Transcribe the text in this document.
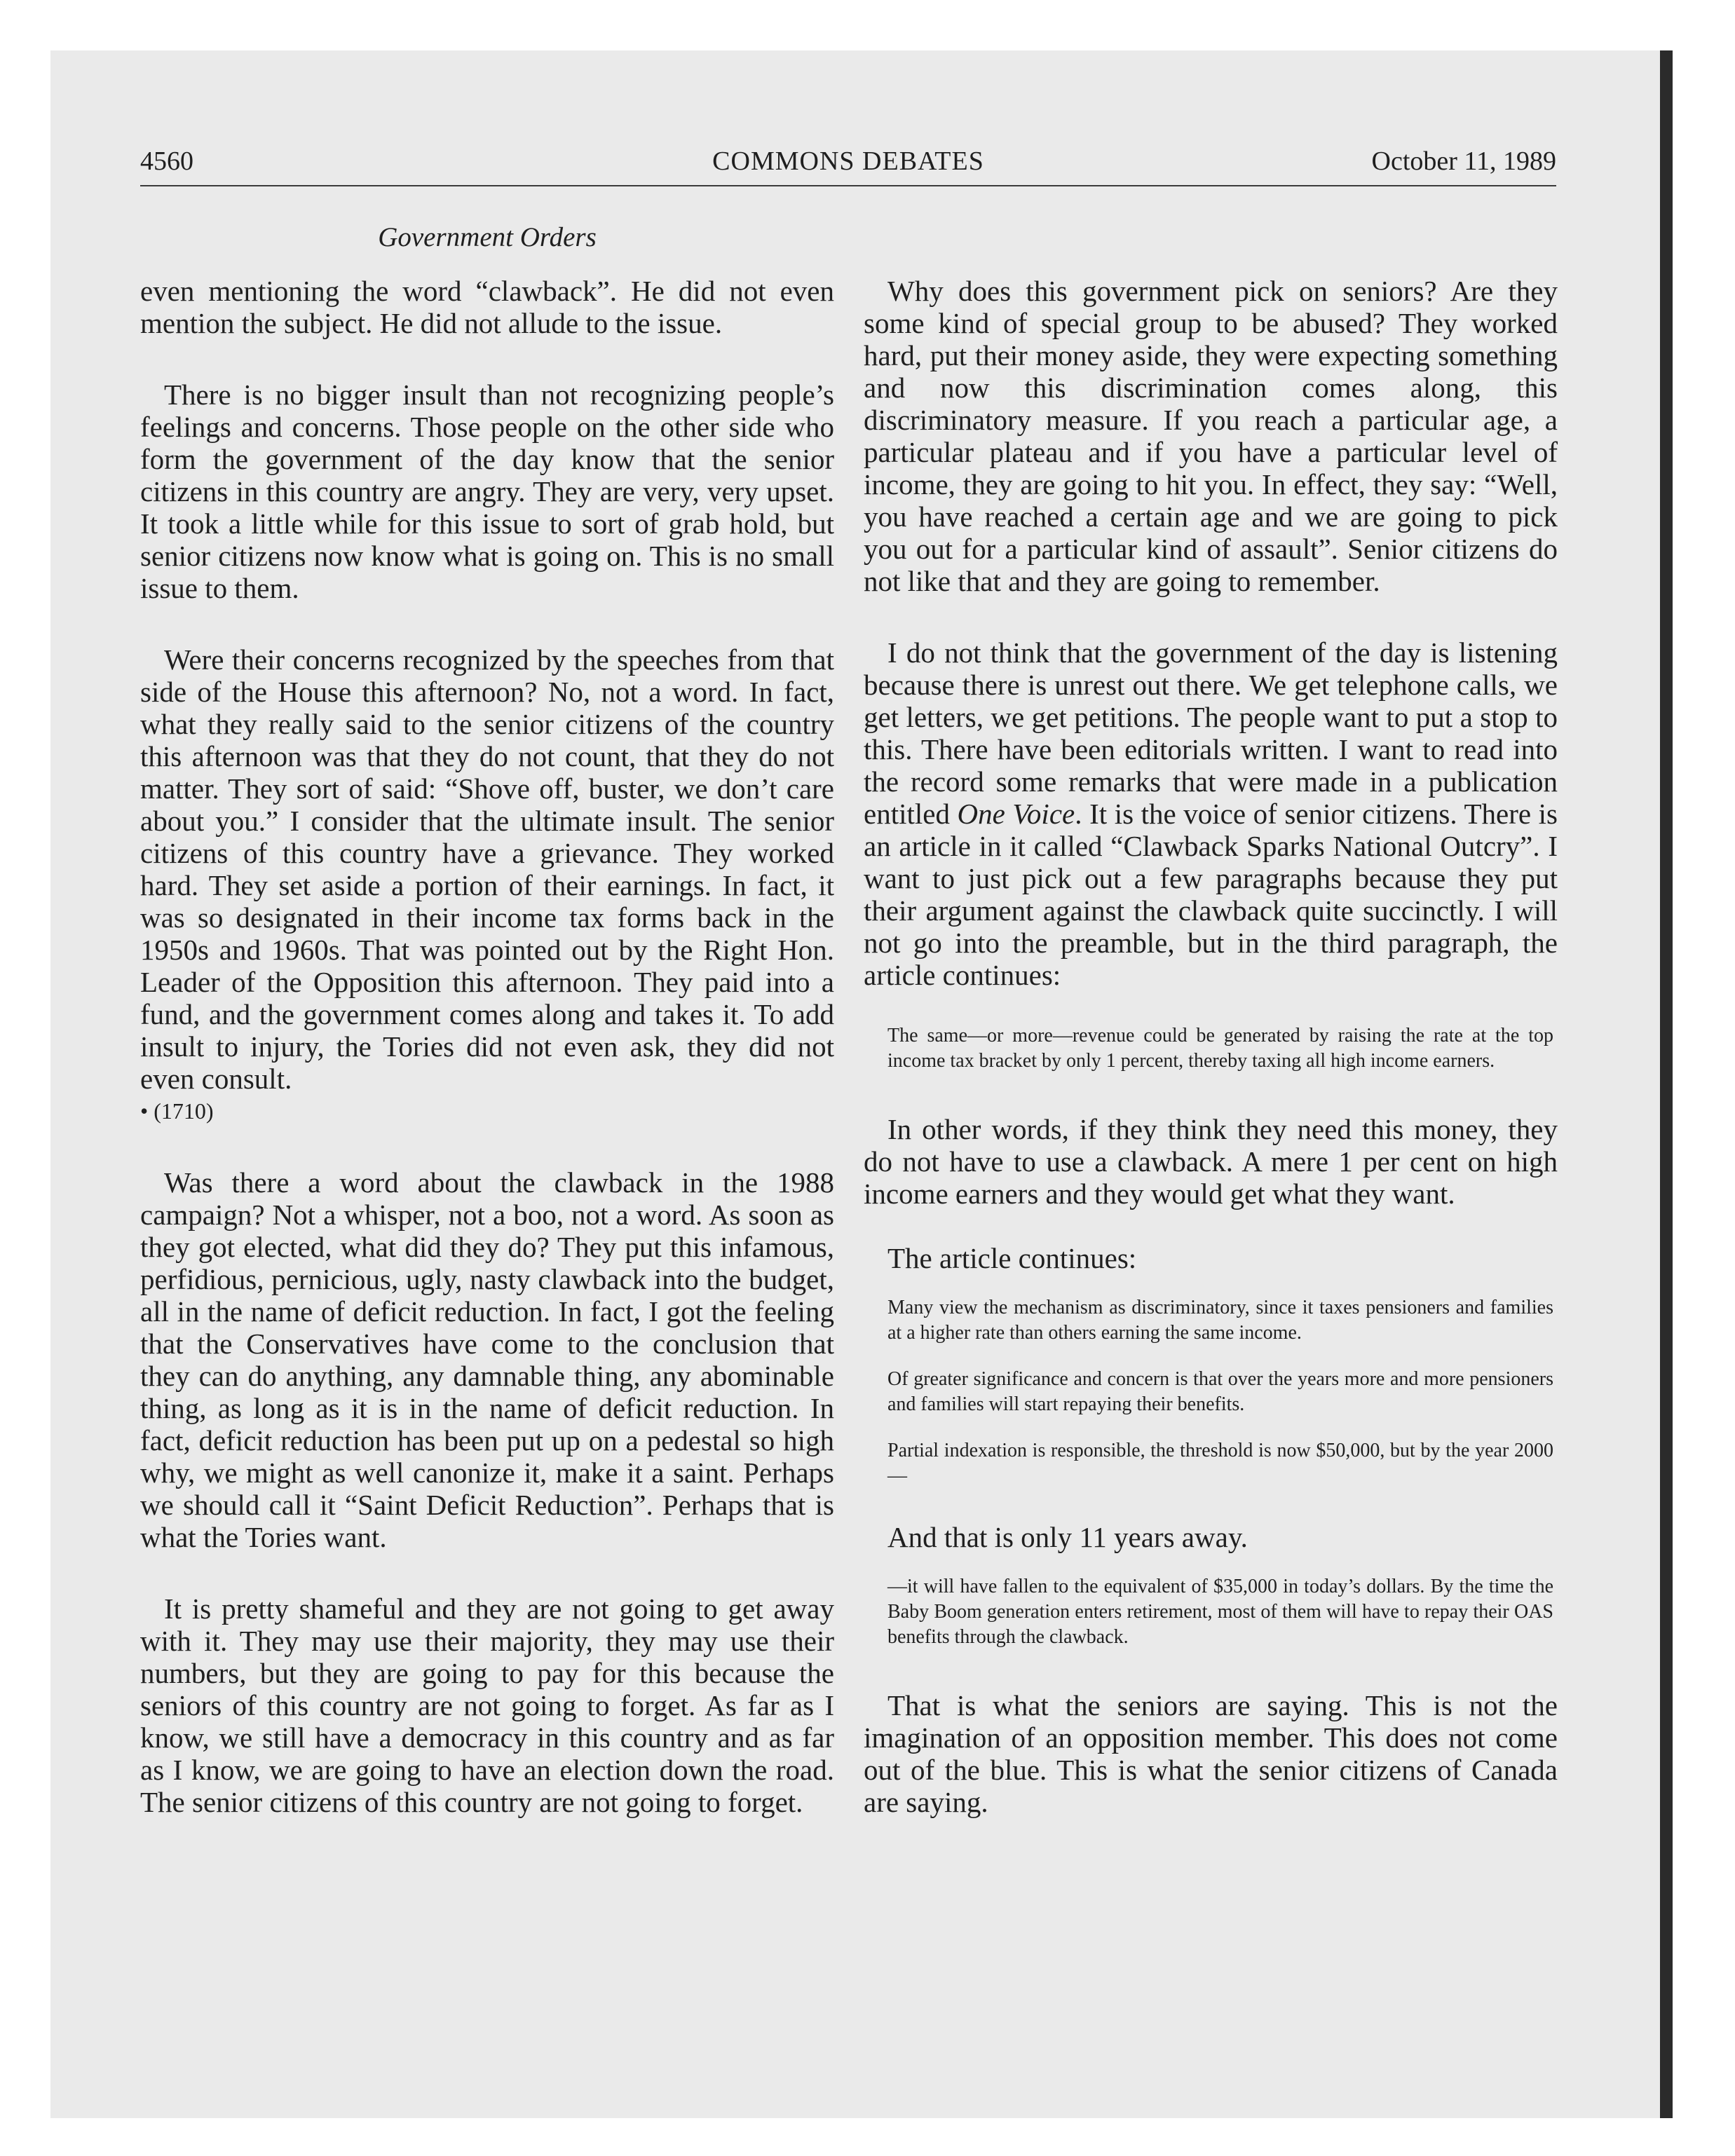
4560	COMMONS DEBATES	October 11, 1989
Government Orders

even mentioning the word “clawback”. He did not even mention the subject. He did not allude to the issue.

There is no bigger insult than not recognizing people’s feelings and concerns. Those people on the other side who form the government of the day know that the senior citizens in this country are angry. They are very, very upset. It took a little while for this issue to sort of grab hold, but senior citizens now know what is going on. This is no small issue to them.

Were their concerns recognized by the speeches from that side of the House this afternoon? No, not a word. In fact, what they really said to the senior citizens of the country this afternoon was that they do not count, that they do not matter. They sort of said: “Shove off, buster, we don’t care about you.” I consider that the ultimate insult. The senior citizens of this country have a grievance. They worked hard. They set aside a portion of their earnings. In fact, it was so designated in their income tax forms back in the 1950s and 1960s. That was pointed out by the Right Hon. Leader of the Opposition this afternoon. They paid into a fund, and the government comes along and takes it. To add insult to injury, the Tories did not even ask, they did not even consult.

• (1710)

Was there a word about the clawback in the 1988 campaign? Not a whisper, not a boo, not a word. As soon as they got elected, what did they do? They put this infamous, perfidious, pernicious, ugly, nasty clawback into the budget, all in the name of deficit reduction. In fact, I got the feeling that the Conservatives have come to the conclusion that they can do anything, any damnable thing, any abominable thing, as long as it is in the name of deficit reduction. In fact, deficit reduction has been put up on a pedestal so high why, we might as well canonize it, make it a saint. Perhaps we should call it “Saint Deficit Reduction”. Perhaps that is what the Tories want.

It is pretty shameful and they are not going to get away with it. They may use their majority, they may use their numbers, but they are going to pay for this because the seniors of this country are not going to forget. As far as I know, we still have a democracy in this country and as far as I know, we are going to have an election down the road. The senior citizens of this country are not going to forget.

Why does this government pick on seniors? Are they some kind of special group to be abused? They worked hard, put their money aside, they were expecting something and now this discrimination comes along, this discriminatory measure. If you reach a particular age, a particular plateau and if you have a particular level of income, they are going to hit you. In effect, they say: “Well, you have reached a certain age and we are going to pick you out for a particular kind of assault”. Senior citizens do not like that and they are going to remember.

I do not think that the government of the day is listening because there is unrest out there. We get telephone calls, we get letters, we get petitions. The people want to put a stop to this. There have been editorials written. I want to read into the record some remarks that were made in a publication entitled One Voice. It is the voice of senior citizens. There is an article in it called “Clawback Sparks National Outcry”. I want to just pick out a few paragraphs because they put their argument against the clawback quite succinctly. I will not go into the preamble, but in the third paragraph, the article continues:

The same—or more—revenue could be generated by raising the rate at the top income tax bracket by only 1 percent, thereby taxing all high income earners.

In other words, if they think they need this money, they do not have to use a clawback. A mere 1 per cent on high income earners and they would get what they want.

The article continues:

Many view the mechanism as discriminatory, since it taxes pensioners and families at a higher rate than others earning the same income.

Of greater significance and concern is that over the years more and more pensioners and families will start repaying their benefits.

Partial indexation is responsible, the threshold is now $50,000, but by the year 2000—

And that is only 11 years away.

—it will have fallen to the equivalent of $35,000 in today’s dollars. By the time the Baby Boom generation enters retirement, most of them will have to repay their OAS benefits through the clawback.

That is what the seniors are saying. This is not the imagination of an opposition member. This does not come out of the blue. This is what the senior citizens of Canada are saying.
